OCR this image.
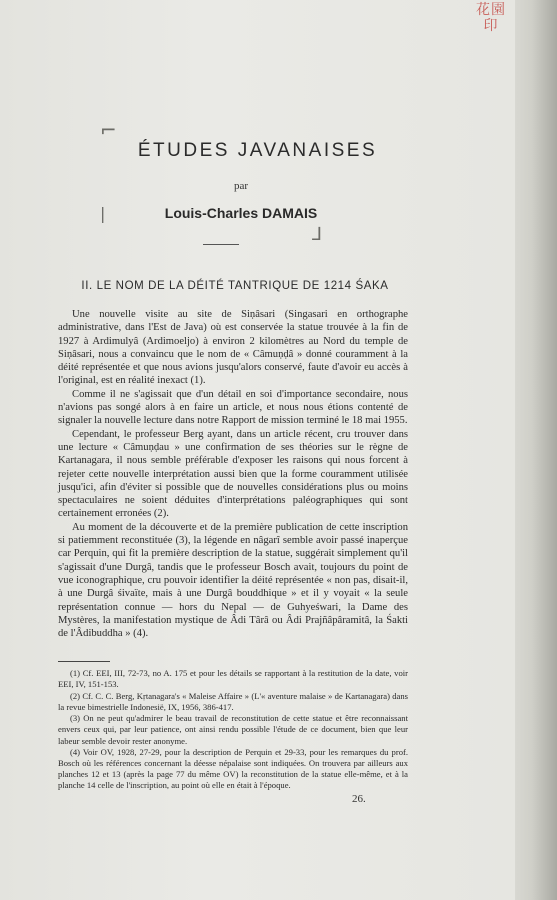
花園
印
⌐
|
⅃
ÉTUDES JAVANAISES
par
Louis-Charles DAMAIS
II. LE NOM DE LA DÉITÉ TANTRIQUE DE 1214 ŚAKA

Une nouvelle visite au site de Siṇâsari (Singasari en orthographe administrative, dans l'Est de Java) où est conservée la statue trouvée à la fin de 1927 à Ardimulyâ (Ardimoeljo) à environ 2 kilomètres au Nord du temple de Siṇâsari, nous a convaincu que le nom de « Câmuṇḍâ » donné couramment à la déité représentée et que nous avions jusqu'alors conservé, faute d'avoir eu accès à l'original, est en réalité inexact (1).

Comme il ne s'agissait que d'un détail en soi d'importance secondaire, nous n'avions pas songé alors à en faire un article, et nous nous étions contenté de signaler la nouvelle lecture dans notre Rapport de mission terminé le 18 mai 1955.

Cependant, le professeur Berg ayant, dans un article récent, cru trouver dans une lecture « Câmuṇḍau » une confirmation de ses théories sur le règne de Kartanagara, il nous semble préférable d'exposer les raisons qui nous forcent à rejeter cette nouvelle interprétation aussi bien que la forme couramment utilisée jusqu'ici, afin d'éviter si possible que de nouvelles considérations plus ou moins spectaculaires ne soient déduites d'interprétations paléographiques qui sont certainement erronées (2).

Au moment de la découverte et de la première publication de cette inscription si patiemment reconstituée (3), la légende en nâgarî semble avoir passé inaperçue car Perquin, qui fit la première description de la statue, suggérait simplement qu'il s'agissait d'une Durgâ, tandis que le professeur Bosch avait, toujours du point de vue iconographique, cru pouvoir identifier la déité représentée « non pas, disait-il, à une Durgâ śivaïte, mais à une Durgâ bouddhique » et il y voyait « la seule représentation connue — hors du Nepal — de Guhyeśwari, la Dame des Mystères, la manifestation mystique de Âdi Târâ ou Âdi Prajñâpâramitâ, la Śakti de l'Âdibuddha » (4).

(1) Cf. EEI, III, 72-73, no A. 175 et pour les détails se rapportant à la restitution de la date, voir EEI, IV, 151-153.

(2) Cf. C. C. Berg, Kṛtanagara's « Maleise Affaire » (L'« aventure malaise » de Kartanagara) dans la revue bimestrielle Indonesië, IX, 1956, 386-417.

(3) On ne peut qu'admirer le beau travail de reconstitution de cette statue et être reconnaissant envers ceux qui, par leur patience, ont ainsi rendu possible l'étude de ce document, bien que leur labeur semble devoir rester anonyme.

(4) Voir OV, 1928, 27-29, pour la description de Perquin et 29-33, pour les remarques du prof. Bosch où les références concernant la déesse népalaise sont indiquées. On trouvera par ailleurs aux planches 12 et 13 (après la page 77 du même OV) la reconstitution de la statue elle-même, et à la planche 14 celle de l'inscription, au point où elle en était à l'époque.

26.
